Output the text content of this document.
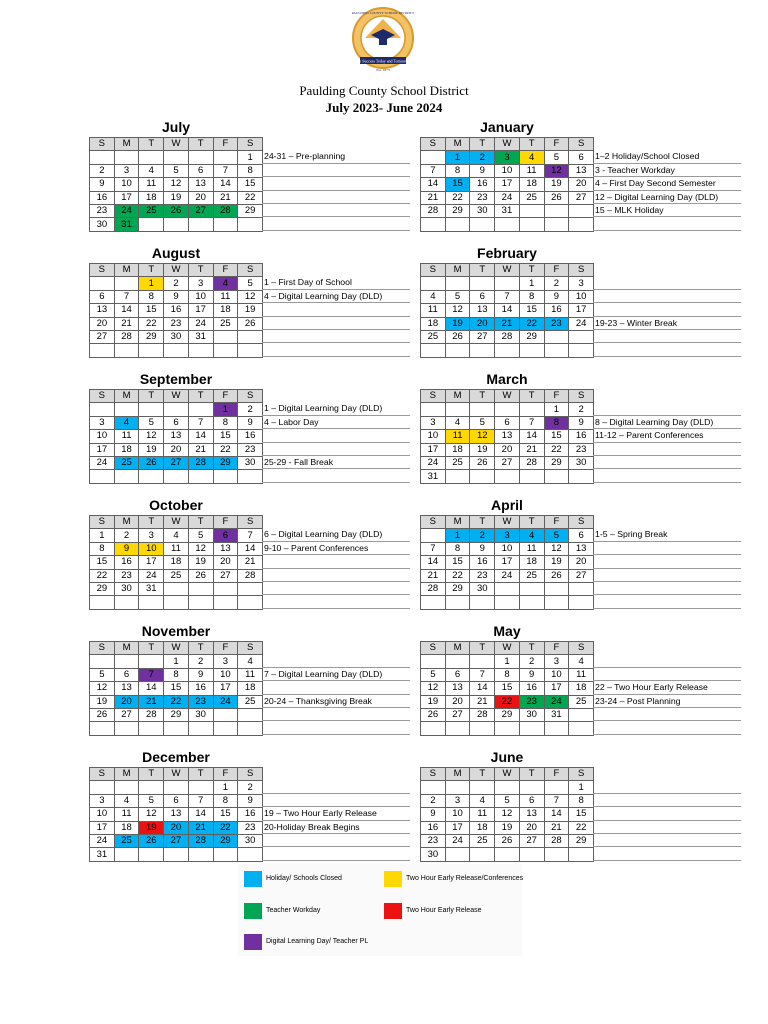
For Success Today and Tomorrow
Est. 1873
PAULDING COUNTY SCHOOL DISTRICT
Paulding County School District
July 2023- June 2024
July
S	M	T	W	T	F	S
						1
2	3	4	5	6	7	8
9	10	11	12	13	14	15
16	17	18	19	20	21	22
23	24	25	26	27	28	29
30	31					
24-31 – Pre-planning
August
S	M	T	W	T	F	S
		1	2	3	4	5
6	7	8	9	10	11	12
13	14	15	16	17	18	19
20	21	22	23	24	25	26
27	28	29	30	31		

1 – First Day of School
4 – Digital Learning Day (DLD)
September
S	M	T	W	T	F	S
					1	2
3	4	5	6	7	8	9
10	11	12	13	14	15	16
17	18	19	20	21	22	23
24	25	26	27	28	29	30

1 – Digital Learning Day (DLD)
4 – Labor Day
25-29 - Fall Break
October
S	M	T	W	T	F	S
1	2	3	4	5	6	7
8	9	10	11	12	13	14
15	16	17	18	19	20	21
22	23	24	25	26	27	28
29	30	31				

6 – Digital Learning Day (DLD)
9-10 – Parent Conferences
November
S	M	T	W	T	F	S
			1	2	3	4
5	6	7	8	9	10	11
12	13	14	15	16	17	18
19	20	21	22	23	24	25
26	27	28	29	30		

7 – Digital Learning Day (DLD)
20-24 – Thanksgiving Break
December
S	M	T	W	T	F	S
					1	2
3	4	5	6	7	8	9
10	11	12	13	14	15	16
17	18	19	20	21	22	23
24	25	26	27	28	29	30
31						
19 – Two Hour Early Release
20-Holiday Break Begins
January
S	M	T	W	T	F	S
	1	2	3	4	5	6
7	8	9	10	11	12	13
14	15	16	17	18	19	20
21	22	23	24	25	26	27
28	29	30	31			

1–2 Holiday/School Closed
3 - Teacher Workday
4 – First Day Second Semester
12 – Digital Learning Day (DLD)
15 – MLK Holiday
February
S	M	T	W	T	F	S
				1	2	3
4	5	6	7	8	9	10
11	12	13	14	15	16	17
18	19	20	21	22	23	24
25	26	27	28	29		

19-23 – Winter Break
March
S	M	T	W	T	F	S
					1	2
3	4	5	6	7	8	9
10	11	12	13	14	15	16
17	18	19	20	21	22	23
24	25	26	27	28	29	30
31						
8 – Digital Learning Day (DLD)
11-12 – Parent Conferences
April
S	M	T	W	T	F	S
	1	2	3	4	5	6
7	8	9	10	11	12	13
14	15	16	17	18	19	20
21	22	23	24	25	26	27
28	29	30				

1-5 – Spring Break
May
S	M	T	W	T	F	S
			1	2	3	4
5	6	7	8	9	10	11
12	13	14	15	16	17	18
19	20	21	22	23	24	25
26	27	28	29	30	31	

22 – Two Hour Early Release
23-24 – Post Planning
June
S	M	T	W	T	F	S
						1
2	3	4	5	6	7	8
9	10	11	12	13	14	15
16	17	18	19	20	21	22
23	24	25	26	27	28	29
30						
Holiday/ Schools Closed	Two Hour Early Release/Conferences
Teacher Workday	Two Hour Early Release
Digital Learning Day/ Teacher PL
